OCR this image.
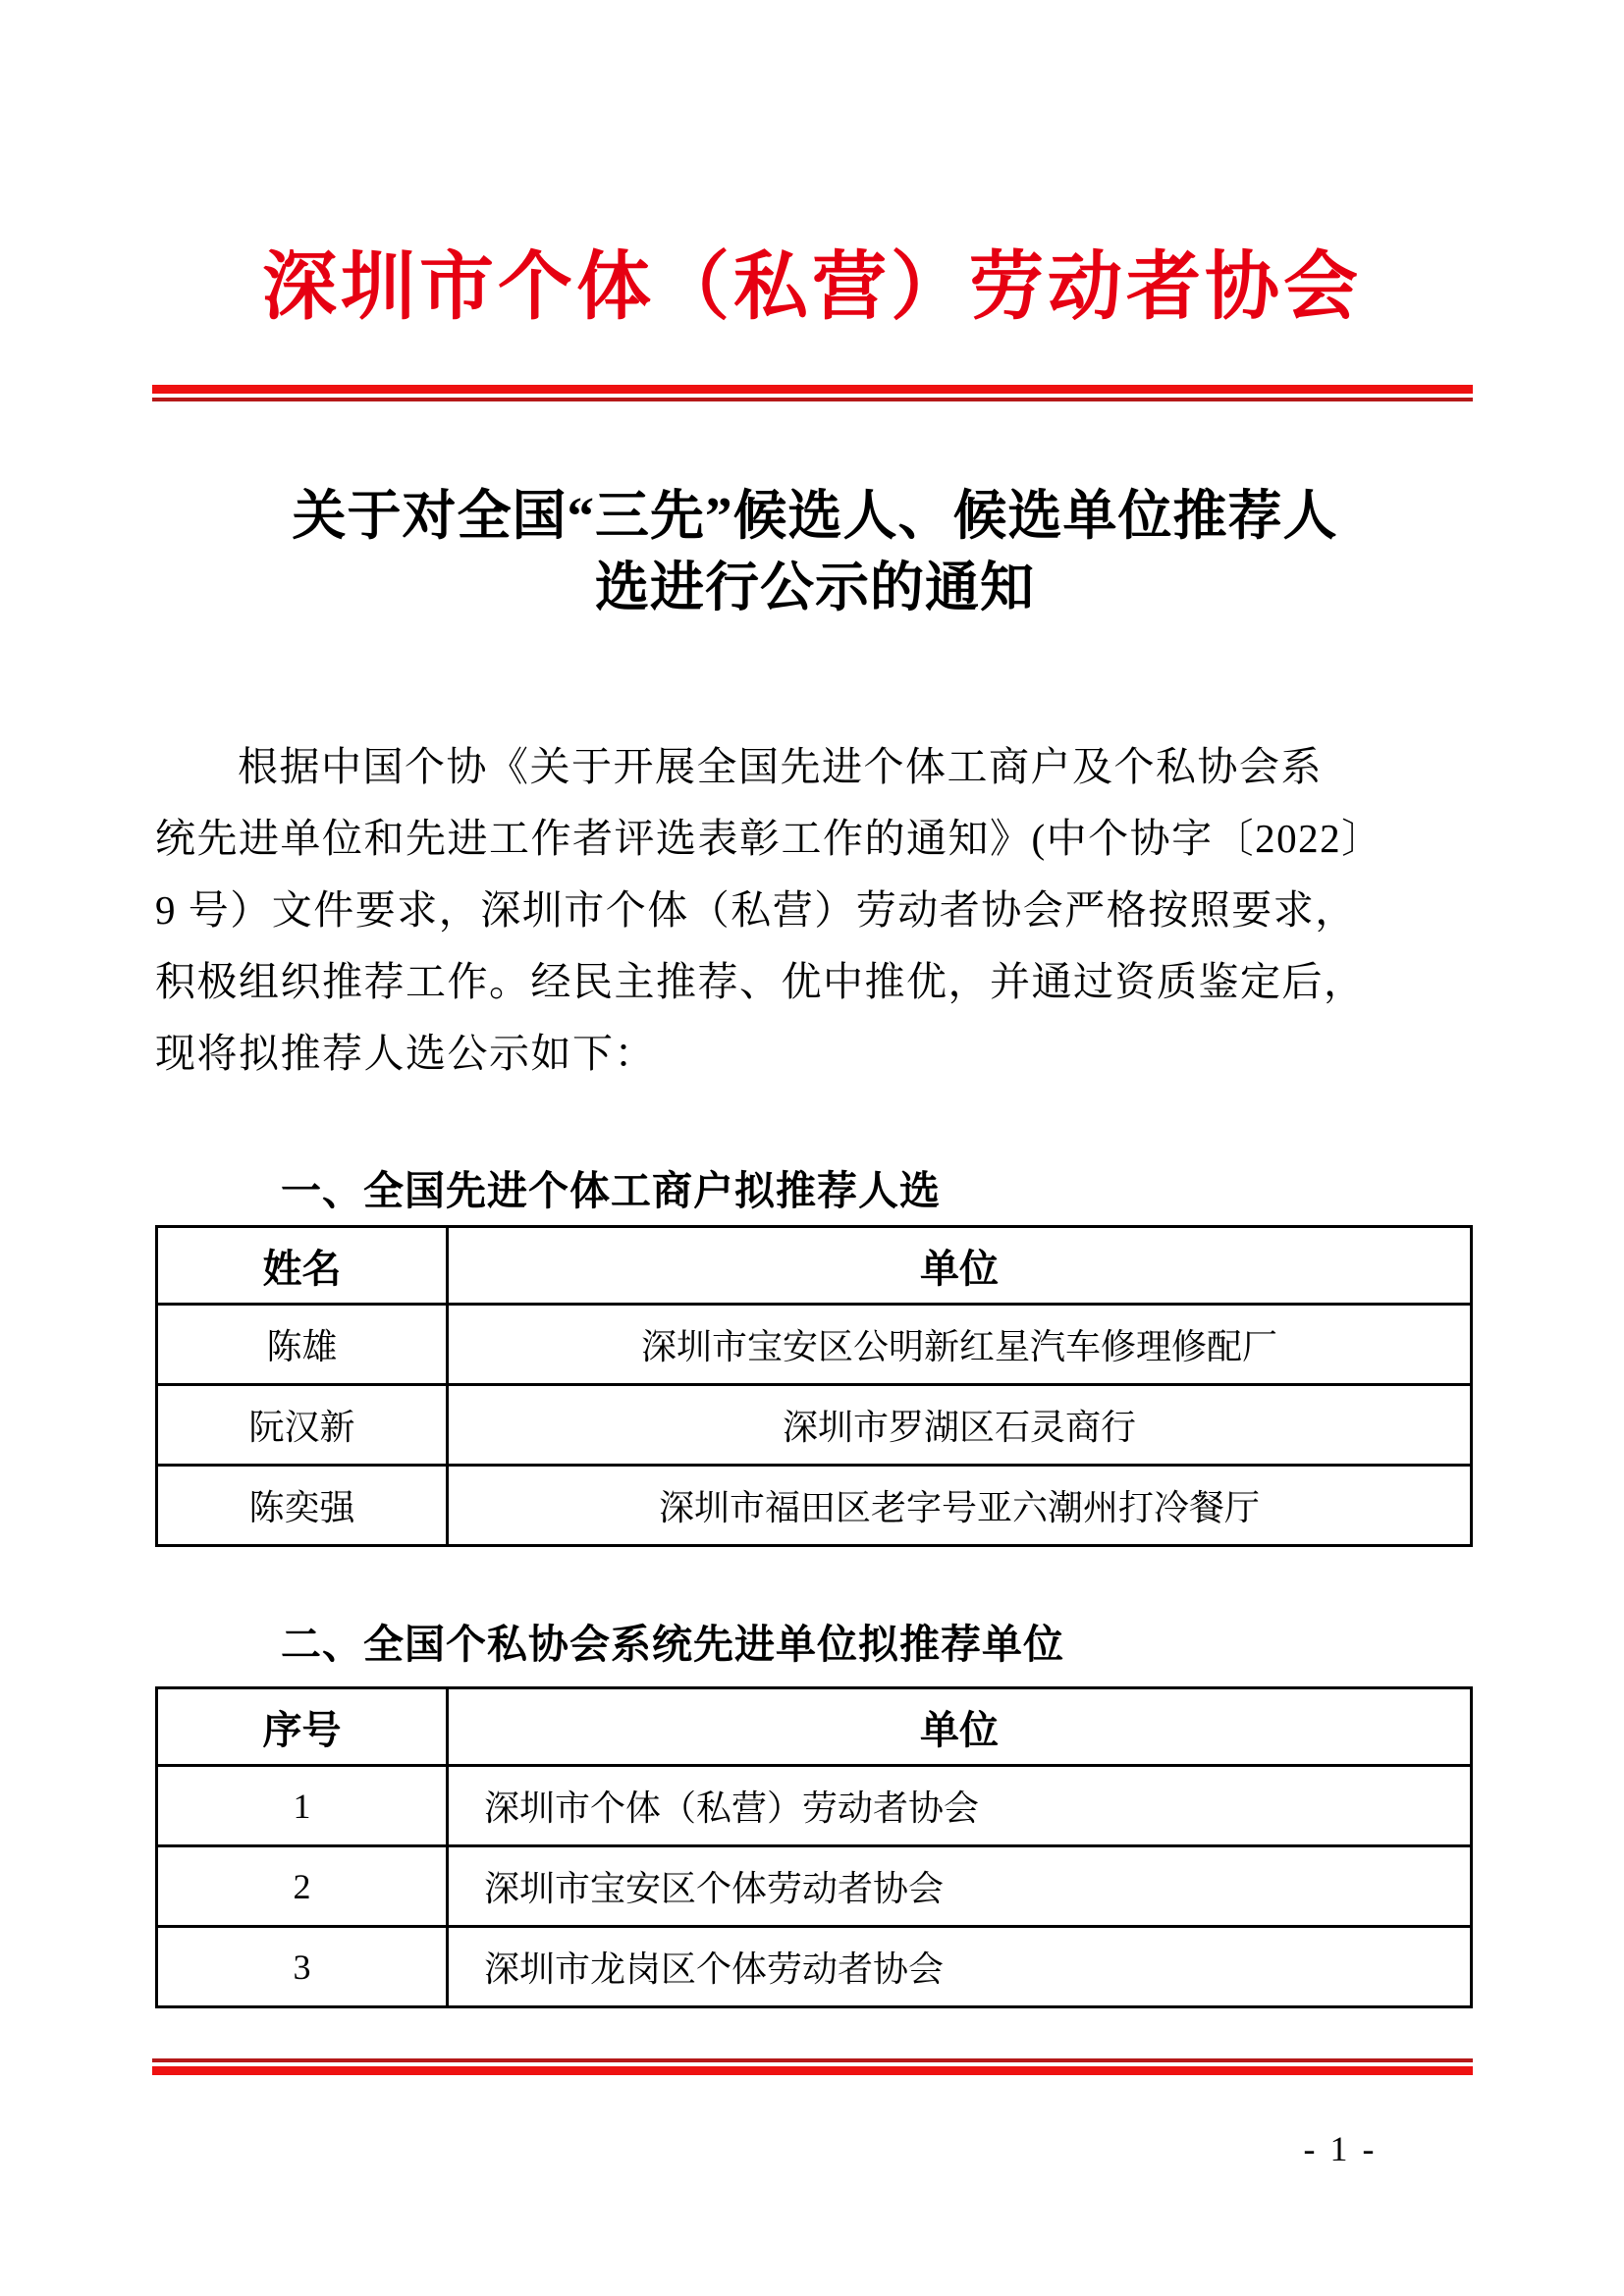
深圳市个体（私营）劳动者协会
关于对全国“三先”候选人、候选单位推荐人
选进行公示的通知
根据中国个协《关于开展全国先进个体工商户及个私协会系
统先进单位和先进工作者评选表彰工作的通知》(中个协字〔2022〕
9 号）文件要求，深圳市个体（私营）劳动者协会严格按照要求，
积极组织推荐工作。经民主推荐、优中推优，并通过资质鉴定后，
现将拟推荐人选公示如下：
一、全国先进个体工商户拟推荐人选
姓名	单位
陈雄	深圳市宝安区公明新红星汽车修理修配厂
阮汉新	深圳市罗湖区石灵商行
陈奕强	深圳市福田区老字号亚六潮州打冷餐厅
二、全国个私协会系统先进单位拟推荐单位
序号	单位
1	深圳市个体（私营）劳动者协会
2	深圳市宝安区个体劳动者协会
3	深圳市龙岗区个体劳动者协会
- 1 -
